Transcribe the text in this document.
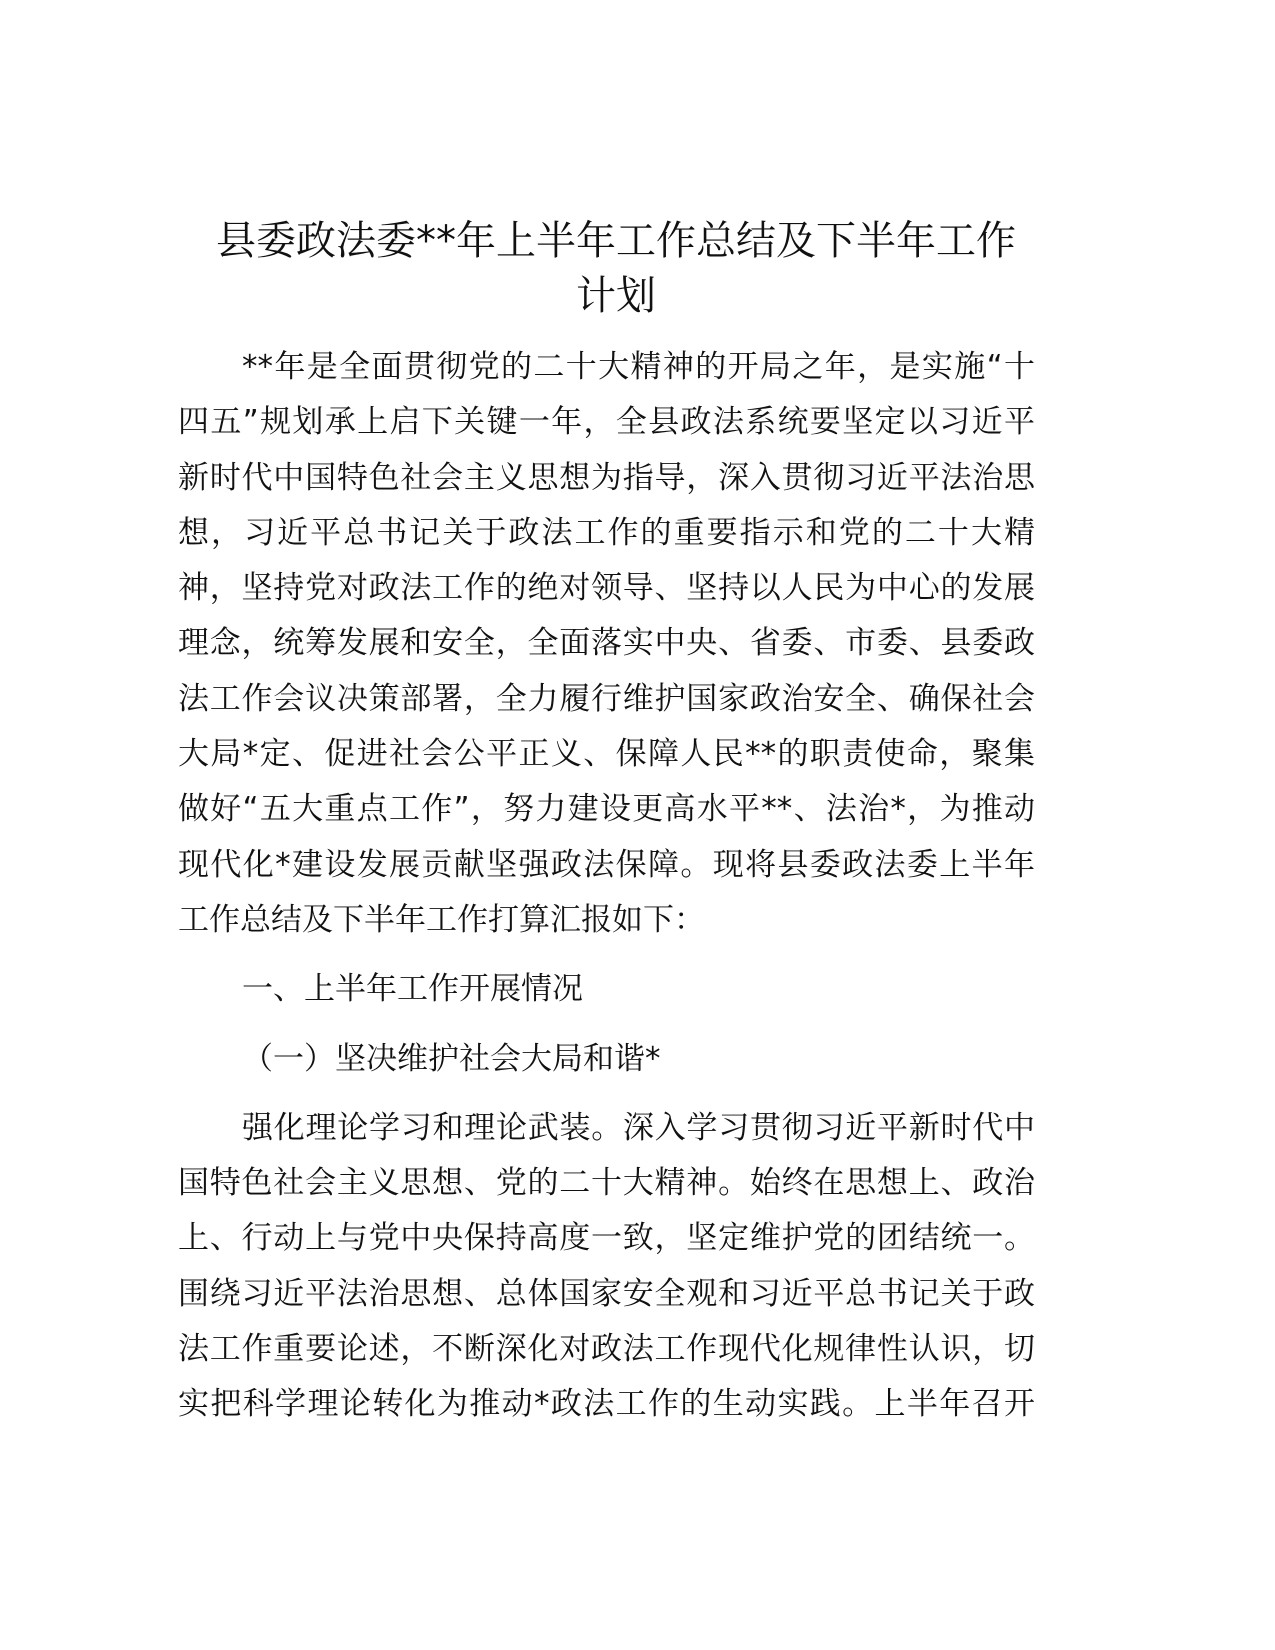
县委政法委**年上半年工作总结及下半年工作
计划
**年是全面贯彻党的二十大精神的开局之年，是实施“十
四五”规划承上启下关键一年，全县政法系统要坚定以习近平
新时代中国特色社会主义思想为指导，深入贯彻习近平法治思
想，习近平总书记关于政法工作的重要指示和党的二十大精
神，坚持党对政法工作的绝对领导、坚持以人民为中心的发展
理念，统筹发展和安全，全面落实中央、省委、市委、县委政
法工作会议决策部署，全力履行维护国家政治安全、确保社会
大局*定、促进社会公平正义、保障人民**的职责使命，聚集
做好“五大重点工作”，努力建设更高水平**、法治*，为推动
现代化*建设发展贡献坚强政法保障。现将县委政法委上半年
工作总结及下半年工作打算汇报如下：
一、上半年工作开展情况
（一）坚决维护社会大局和谐*
强化理论学习和理论武装。深入学习贯彻习近平新时代中
国特色社会主义思想、党的二十大精神。始终在思想上、政治
上、行动上与党中央保持高度一致，坚定维护党的团结统一。
围绕习近平法治思想、总体国家安全观和习近平总书记关于政
法工作重要论述，不断深化对政法工作现代化规律性认识，切
实把科学理论转化为推动*政法工作的生动实践。上半年召开
